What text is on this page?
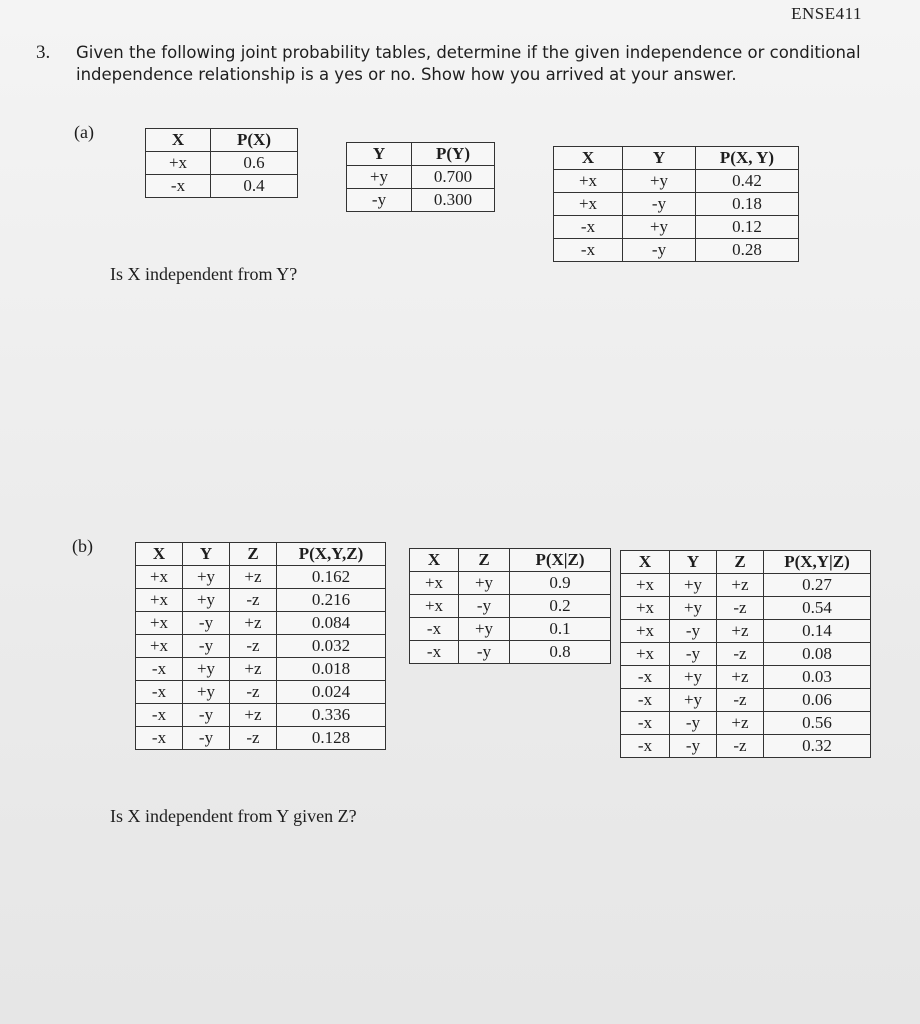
ENSE411
3. Given the following joint probability tables, determine if the given independence or conditional independence relationship is a yes or no. Show how you arrived at your answer.
(a)	X	P(X)
+x	0.6
-x	0.4
Y	P(Y)
+y	0.700
-y	0.300
X	Y	P(X, Y)
+x	+y	0.42
+x	-y	0.18
-x	+y	0.12
-x	-y	0.28
Is X independent from Y?
(b)	X	Y	Z	P(X,Y,Z)
+x	+y	+z	0.162
+x	+y	-z	0.216
+x	-y	+z	0.084
+x	-y	-z	0.032
-x	+y	+z	0.018
-x	+y	-z	0.024
-x	-y	+z	0.336
-x	-y	-z	0.128
X	Z	P(X|Z)
+x	+y	0.9
+x	-y	0.2
-x	+y	0.1
-x	-y	0.8
X	Y	Z	P(X,Y|Z)
+x	+y	+z	0.27
+x	+y	-z	0.54
+x	-y	+z	0.14
+x	-y	-z	0.08
-x	+y	+z	0.03
-x	+y	-z	0.06
-x	-y	+z	0.56
-x	-y	-z	0.32
Is X independent from Y given Z?
